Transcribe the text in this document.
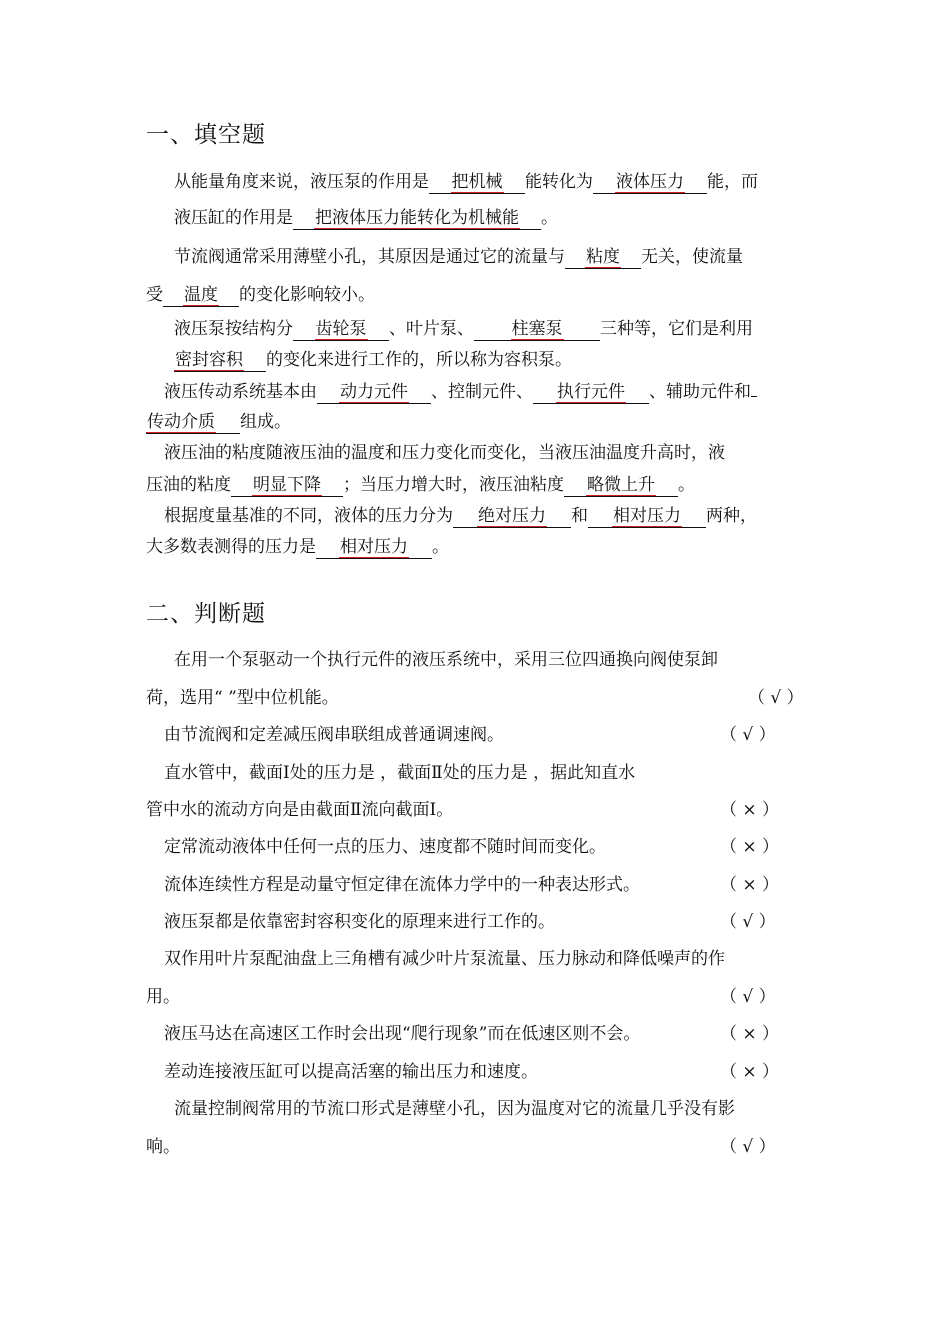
一、填空题
从能量角度来说，液压泵的作用是 把机械 能转化为 液体压力 能，而
液压缸的作用是 把液体压力能转化为机械能 。
节流阀通常采用薄壁小孔，其原因是通过它的流量与 粘度 无关，使流量
受 温度 的变化影响较小。
液压泵按结构分 齿轮泵 、叶片泵、 柱塞泵 三种等，它们是利用
密封容积 的变化来进行工作的，所以称为容积泵。
液压传动系统基本由 动力元件 、控制元件、 执行元件 、辅助元件和
传动介质 组成。
液压油的粘度随液压油的温度和压力变化而变化，当液压油温度升高时，液
压油的粘度 明显下降 ；当压力增大时，液压油粘度 略微上升 。
根据度量基准的不同，液体的压力分为 绝对压力 和 相对压力 两种，
大多数表测得的压力是 相对压力 。
二、判断题
在用一个泵驱动一个执行元件的液压系统中，采用三位四通换向阀使泵卸
荷，选用“ ”型中位机能。	（ √ ）
由节流阀和定差减压阀串联组成普通调速阀。	（ √ ）
直水管中，截面Ⅰ处的压力是 ，截面Ⅱ处的压力是 ，据此知直水
管中水的流动方向是由截面Ⅱ流向截面Ⅰ。	（ × ）
定常流动液体中任何一点的压力、速度都不随时间而变化。	（ × ）
流体连续性方程是动量守恒定律在流体力学中的一种表达形式。	（ × ）
液压泵都是依靠密封容积变化的原理来进行工作的。	（ √ ）
双作用叶片泵配油盘上三角槽有减少叶片泵流量、压力脉动和降低噪声的作
用。	（ √ ）
液压马达在高速区工作时会出现“爬行现象”而在低速区则不会。	（ × ）
差动连接液压缸可以提高活塞的输出压力和速度。	（ × ）
流量控制阀常用的节流口形式是薄壁小孔，因为温度对它的流量几乎没有影
响。	（ √ ）
